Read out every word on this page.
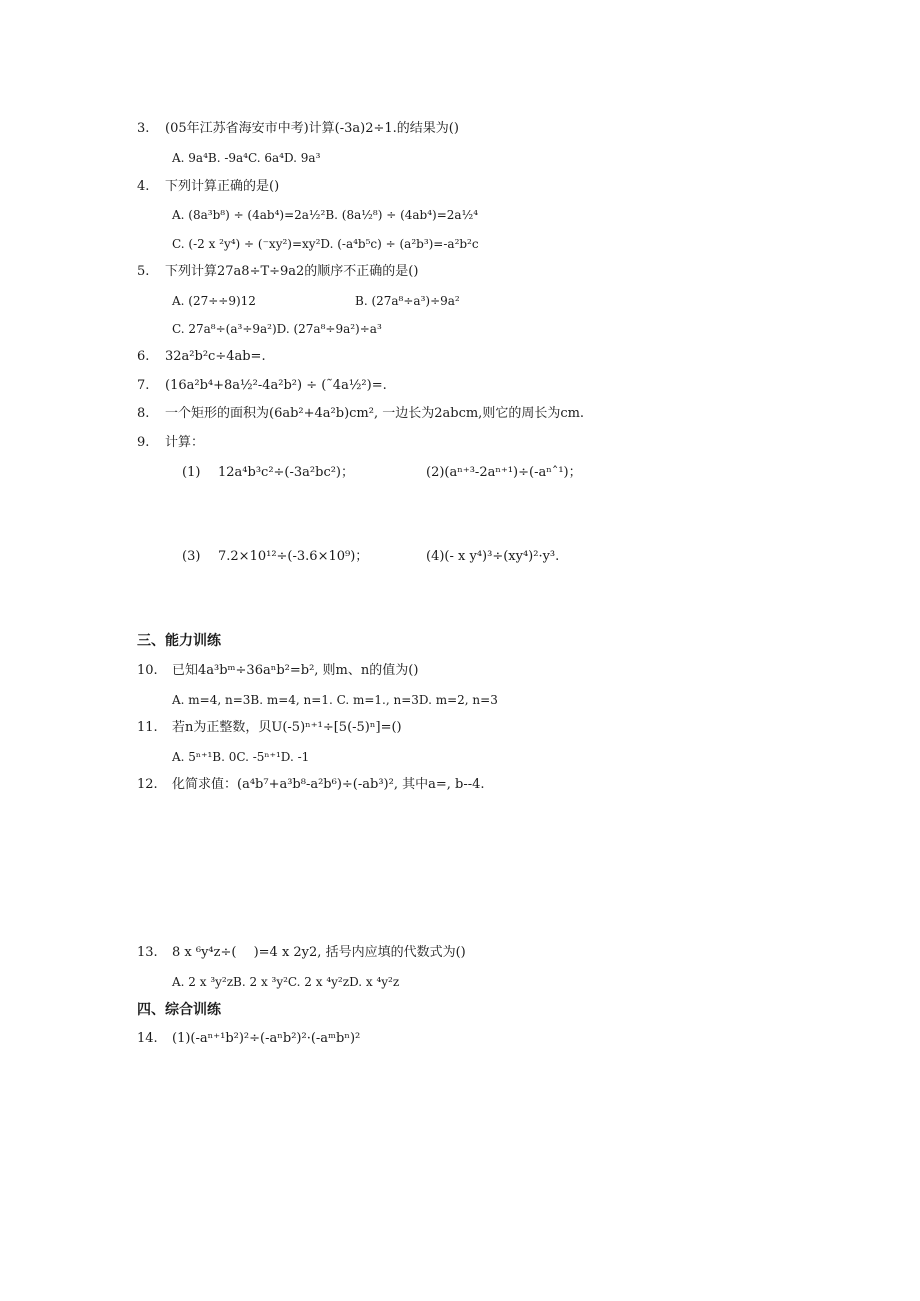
3. (05年江苏省海安市中考)计算(-3a)2÷1.的结果为()
A. 9a⁴B. -9a⁴C. 6a⁴D. 9a³
4. 下列计算正确的是()
A. (8a³b⁸) ÷ (4ab⁴)=2a½²B. (8a½⁸) ÷ (4ab⁴)=2a½⁴
C. (-2 x ²y⁴) ÷ (⁻xy²)=xy²D. (-a⁴b⁵c) ÷ (a²b³)=-a²b²c
5. 下列计算27a8÷T÷9a2的顺序不正确的是()
A. (27÷÷9)12	B. (27a⁸÷a³)÷9a²
C. 27a⁸÷(a³÷9a²)D. (27a⁸÷9a²)÷a³
6. 32a²b²c÷4ab=.
7. (16a²b⁴+8a½²-4a²b²) ÷ (˜4a½²)=.
8. 一个矩形的面积为(6ab²+4a²b)cm², 一边长为2abcm,则它的周长为cm.
9. 计算：
(1) 12a⁴b³c²÷(-3a²bc²)；	(2)(aⁿ⁺³-2aⁿ⁺¹)÷(-aⁿˆ¹)；
(3) 7.2×10¹²÷(-3.6×10⁹)；	(4)(- x y⁴)³÷(xy⁴)²·y³.
三、能力训练
10. 已知4a³bᵐ÷36aⁿb²=b², 则m、n的值为()
A. m=4, n=3B. m=4, n=1. C. m=1., n=3D. m=2, n=3
11. 若n为正整数，贝U(-5)ⁿ⁺¹÷[5(-5)ⁿ]=()
A. 5ⁿ⁺¹B. 0C. -5ⁿ⁺¹D. -1
12. 化简求值：(a⁴b⁷+a³b⁸-a²b⁶)÷(-ab³)², 其中a=, b--4.
13. 8 x ⁶y⁴z÷(　 )=4 x 2y2, 括号内应填的代数式为()
A. 2 x ³y²zB. 2 x ³y²C. 2 x ⁴y²zD. x ⁴y²z
四、综合训练
14. (1)(-aⁿ⁺¹b²)²÷(-aⁿb²)²·(-aᵐbⁿ)²
